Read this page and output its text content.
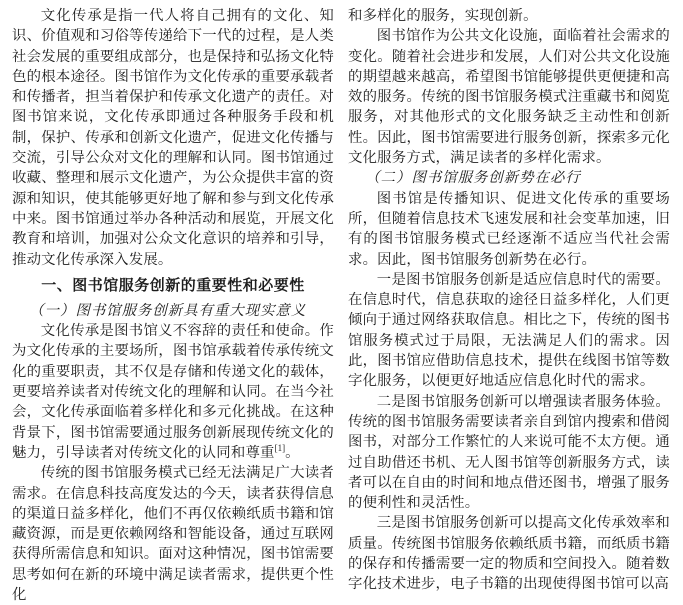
文化传承是指一代人将自己拥有的文化、知识、价值观和习俗等传递给下一代的过程，是人类社会发展的重要组成部分，也是保持和弘扬文化特色的根本途径。图书馆作为文化传承的重要承载者和传播者，担当着保护和传承文化遗产的责任。对图书馆来说，文化传承即通过各种服务手段和机制，保护、传承和创新文化遗产，促进文化传播与交流，引导公众对文化的理解和认同。图书馆通过收藏、整理和展示文化遗产，为公众提供丰富的资源和知识，使其能够更好地了解和参与到文化传承中来。图书馆通过举办各种活动和展览，开展文化教育和培训，加强对公众文化意识的培养和引导，推动文化传承深入发展。

一、图书馆服务创新的重要性和必要性

（一）图书馆服务创新具有重大现实意义

文化传承是图书馆义不容辞的责任和使命。作为文化传承的主要场所，图书馆承载着传承传统文化的重要职责，其不仅是存储和传递文化的载体，更要培养读者对传统文化的理解和认同。在当今社会，文化传承面临着多样化和多元化挑战。在这种背景下，图书馆需要通过服务创新展现传统文化的魅力，引导读者对传统文化的认同和尊重[1]。

传统的图书馆服务模式已经无法满足广大读者需求。在信息科技高度发达的今天，读者获得信息的渠道日益多样化，他们不再仅依赖纸质书籍和馆藏资源，而是更依赖网络和智能设备，通过互联网获得所需信息和知识。面对这种情况，图书馆需要思考如何在新的环境中满足读者需求，提供更个性化

和多样化的服务，实现创新。

图书馆作为公共文化设施，面临着社会需求的变化。随着社会进步和发展，人们对公共文化设施的期望越来越高，希望图书馆能够提供更便捷和高效的服务。传统的图书馆服务模式注重藏书和阅览服务，对其他形式的文化服务缺乏主动性和创新性。因此，图书馆需要进行服务创新，探索多元化文化服务方式，满足读者的多样化需求。

（二）图书馆服务创新势在必行

图书馆是传播知识、促进文化传承的重要场所，但随着信息技术飞速发展和社会变革加速，旧有的图书馆服务模式已经逐渐不适应当代社会需求。因此，图书馆服务创新势在必行。

一是图书馆服务创新是适应信息时代的需要。在信息时代，信息获取的途径日益多样化，人们更倾向于通过网络获取信息。相比之下，传统的图书馆服务模式过于局限，无法满足人们的需求。因此，图书馆应借助信息技术，提供在线图书馆等数字化服务，以便更好地适应信息化时代的需求。

二是图书馆服务创新可以增强读者服务体验。传统的图书馆服务需要读者亲自到馆内搜索和借阅图书，对部分工作繁忙的人来说可能不太方便。通过自助借还书机、无人图书馆等创新服务方式，读者可以在自由的时间和地点借还图书，增强了服务的便利性和灵活性。

三是图书馆服务创新可以提高文化传承效率和质量。传统图书馆服务依赖纸质书籍，而纸质书籍的保存和传播需要一定的物质和空间投入。随着数字化技术进步，电子书籍的出现使得图书馆可以高
